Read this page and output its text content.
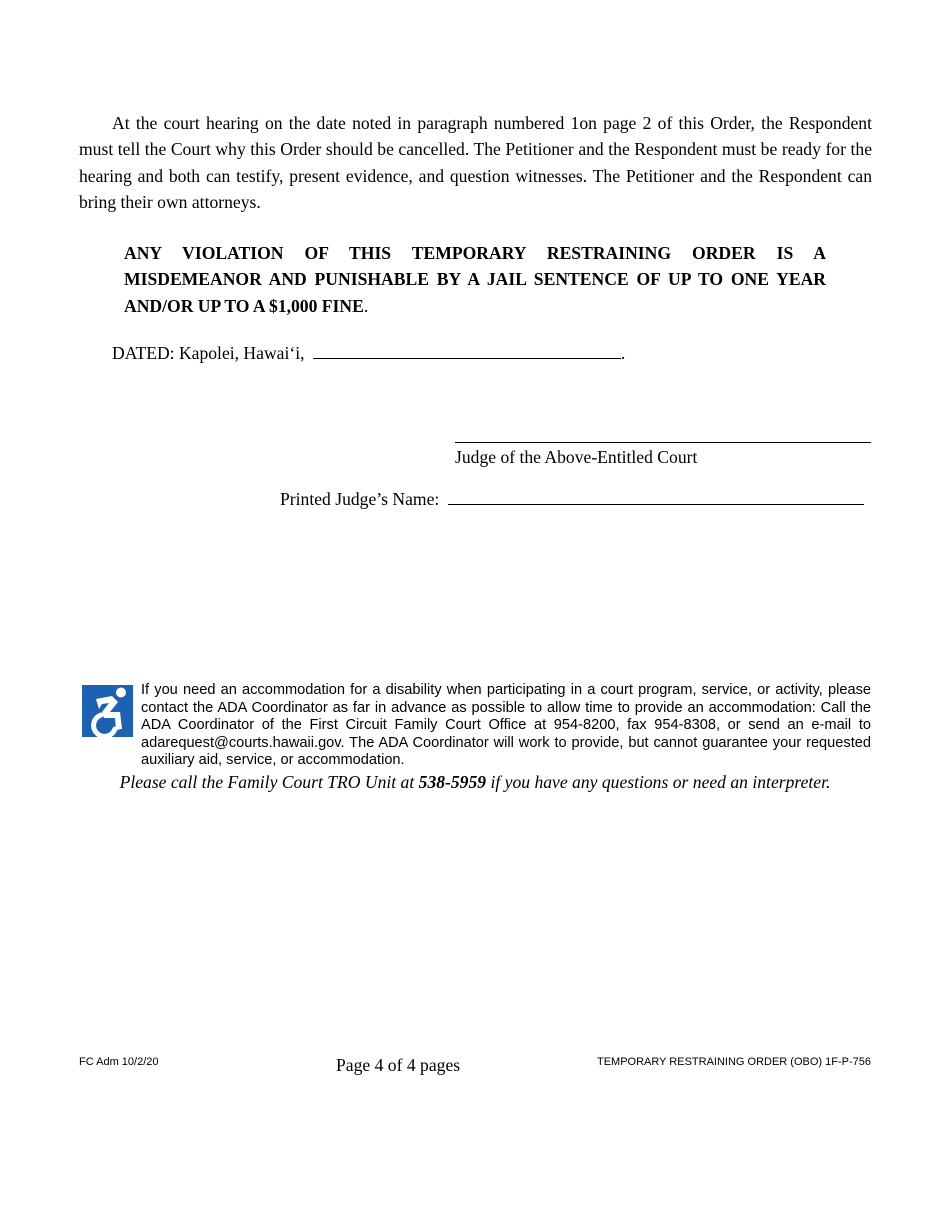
At the court hearing on the date noted in paragraph numbered 1on page 2 of this Order, the Respondent must tell the Court why this Order should be cancelled. The Petitioner and the Respondent must be ready for the hearing and both can testify, present evidence, and question witnesses. The Petitioner and the Respondent can bring their own attorneys.

ANY VIOLATION OF THIS TEMPORARY RESTRAINING ORDER IS A MISDEMEANOR AND PUNISHABLE BY A JAIL SENTENCE OF UP TO ONE YEAR AND/OR UP TO A $1,000 FINE.

DATED: Kapolei, Hawai‘i,	.
Judge of the Above-Entitled Court
Printed Judge’s Name:
If you need an accommodation for a disability when participating in a court program, service, or activity, please contact the ADA Coordinator as far in advance as possible to allow time to provide an accommodation: Call the ADA Coordinator of the First Circuit Family Court Office at 954-8200, fax 954-8308, or send an e-mail to adarequest@courts.hawaii.gov. The ADA Coordinator will work to provide, but cannot guarantee your requested auxiliary aid, service, or accommodation.
Please call the Family Court TRO Unit at 538-5959 if you have any questions or need an interpreter.
FC Adm 10/2/20	Page 4 of 4 pages	TEMPORARY RESTRAINING ORDER (OBO) 1F-P-756
